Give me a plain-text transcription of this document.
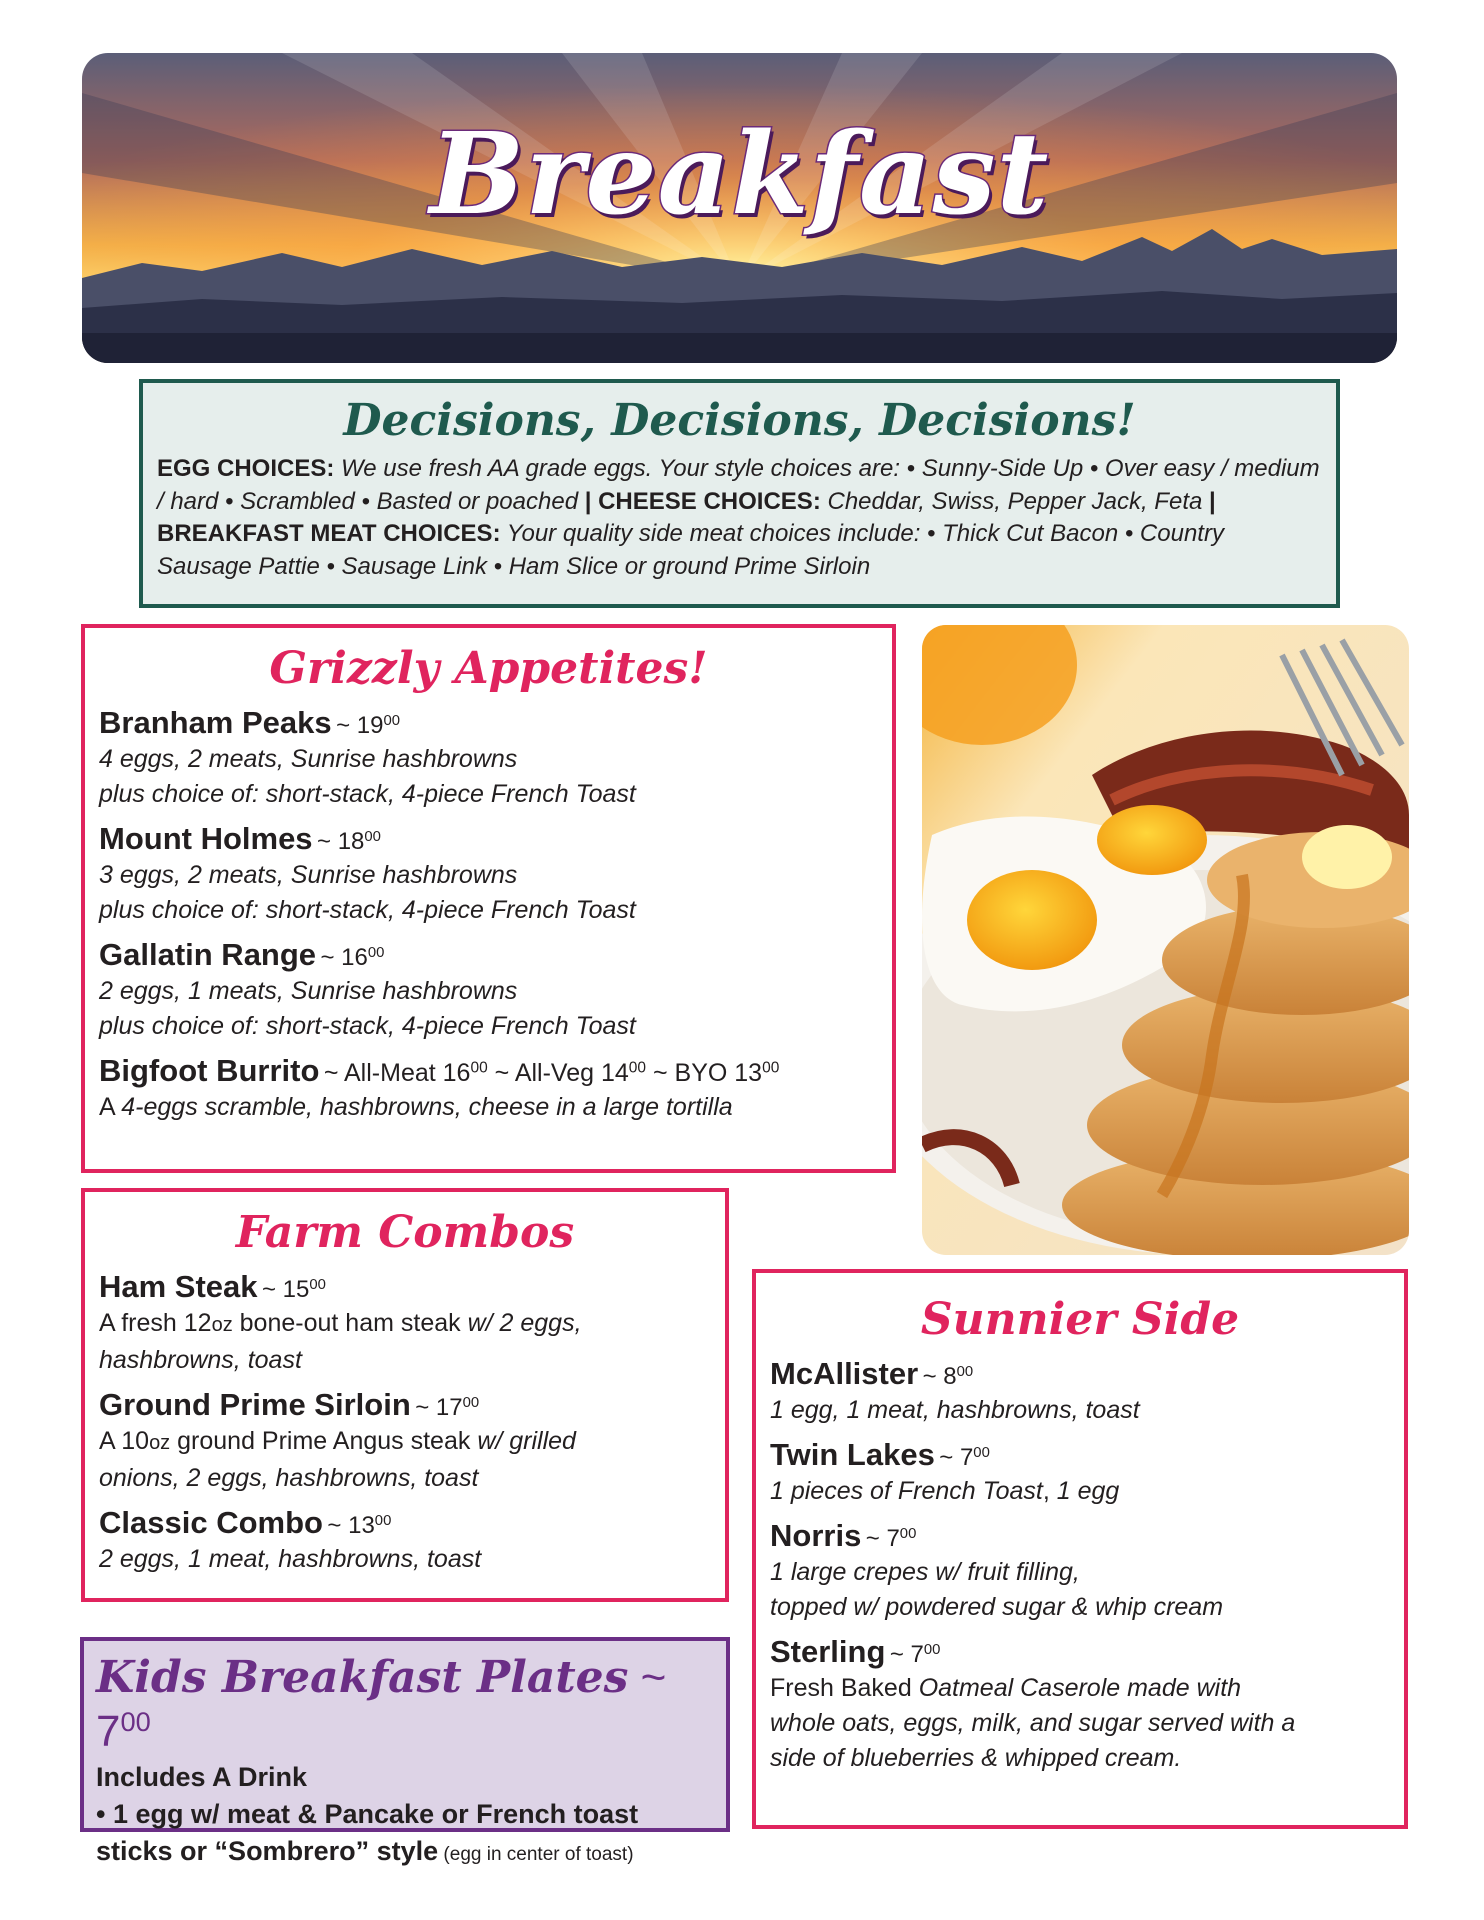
Breakfast
Decisions, Decisions, Decisions!

EGG CHOICES: We use fresh AA grade eggs. Your style choices are: • Sunny-Side Up • Over easy / medium / hard • Scrambled • Basted or poached | CHEESE CHOICES: Cheddar, Swiss, Pepper Jack, Feta | BREAKFAST MEAT CHOICES: Your quality side meat choices include: • Thick Cut Bacon • Country Sausage Pattie • Sausage Link • Ham Slice or ground Prime Sirloin

Grizzly Appetites!
Branham Peaks ~ $19^{00}$
4 eggs, 2 meats, Sunrise hashbrowns
plus choice of: short-stack, 4-piece French Toast
Mount Holmes ~ $18^{00}$
3 eggs, 2 meats, Sunrise hashbrowns
plus choice of: short-stack, 4-piece French Toast
Gallatin Range ~ $16^{00}$
2 eggs, 1 meats, Sunrise hashbrowns
plus choice of: short-stack, 4-piece French Toast
Bigfoot Burrito ~ All-Meat $16^{00}$ ~ All-Veg $14^{00}$ ~ BYO $13^{00}$
A 4-eggs scramble, hashbrowns, cheese in a large tortilla
Farm Combos
Ham Steak ~ $15^{00}$
A fresh 12oz bone-out ham steak w/ 2 eggs,
hashbrowns, toast
Ground Prime Sirloin ~ $17^{00}$
A 10oz ground Prime Angus steak w/ grilled
onions, 2 eggs, hashbrowns, toast
Classic Combo ~ $13^{00}$
2 eggs, 1 meat, hashbrowns, toast
Sunnier Side
McAllister ~ $8^{00}$
1 egg, 1 meat, hashbrowns, toast
Twin Lakes ~ $7^{00}$
1 pieces of French Toast, 1 egg
Norris ~ $7^{00}$
1 large crepes w/ fruit filling,
topped w/ powdered sugar & whip cream
Sterling ~ $7^{00}$
Fresh Baked Oatmeal Caserole made with
whole oats, eggs, milk, and sugar served with a
side of blueberries & whipped cream.
Kids Breakfast Plates ~ $7^{00}$
Includes A Drink
• 1 egg w/ meat & Pancake or French toast
sticks or “Sombrero” style (egg in center of toast)
